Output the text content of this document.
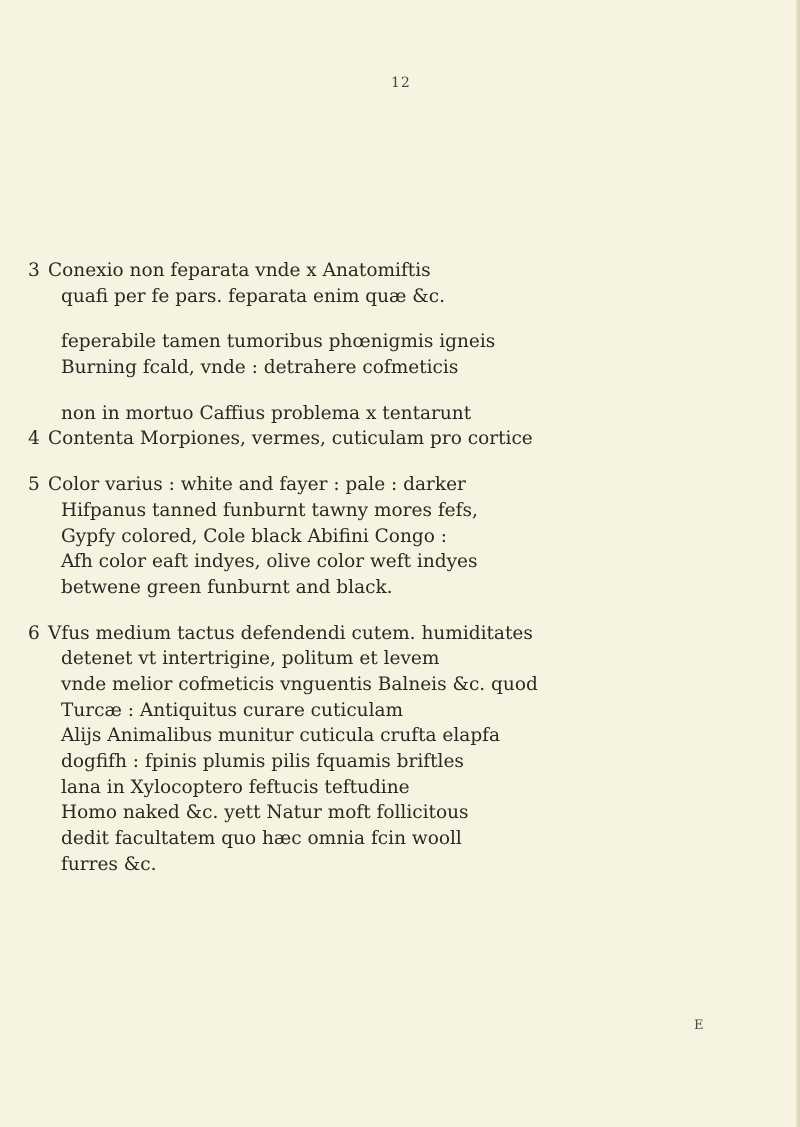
12
3 Conexio non feparata vnde x Anatomiftis
quafi per fe pars. feparata enim quæ &c.
feperabile tamen tumoribus phœnigmis igneis
Burning fcald, vnde : detrahere cofmeticis
non in mortuo Caffius problema x tentarunt
4 Contenta Morpiones, vermes, cuticulam pro cortice
5 Color varius : white and fayer : pale : darker
Hifpanus tanned funburnt tawny mores fefs,
Gypfy colored, Cole black Abifini Congo :
Afh color eaft indyes, olive color weft indyes
betwene green funburnt and black.
6 Vfus medium tactus defendendi cutem. humiditates
detenet vt intertrigine, politum et levem
vnde melior cofmeticis vnguentis Balneis &c. quod
Turcæ : Antiquitus curare cuticulam
Alijs Animalibus munitur cuticula crufta elapfa
dogfifh : fpinis plumis pilis fquamis briftles
lana in Xylocoptero feftucis teftudine
Homo naked &c. yett Natur moft follicitous
dedit facultatem quo hæc omnia fcin wooll
furres &c.
E
